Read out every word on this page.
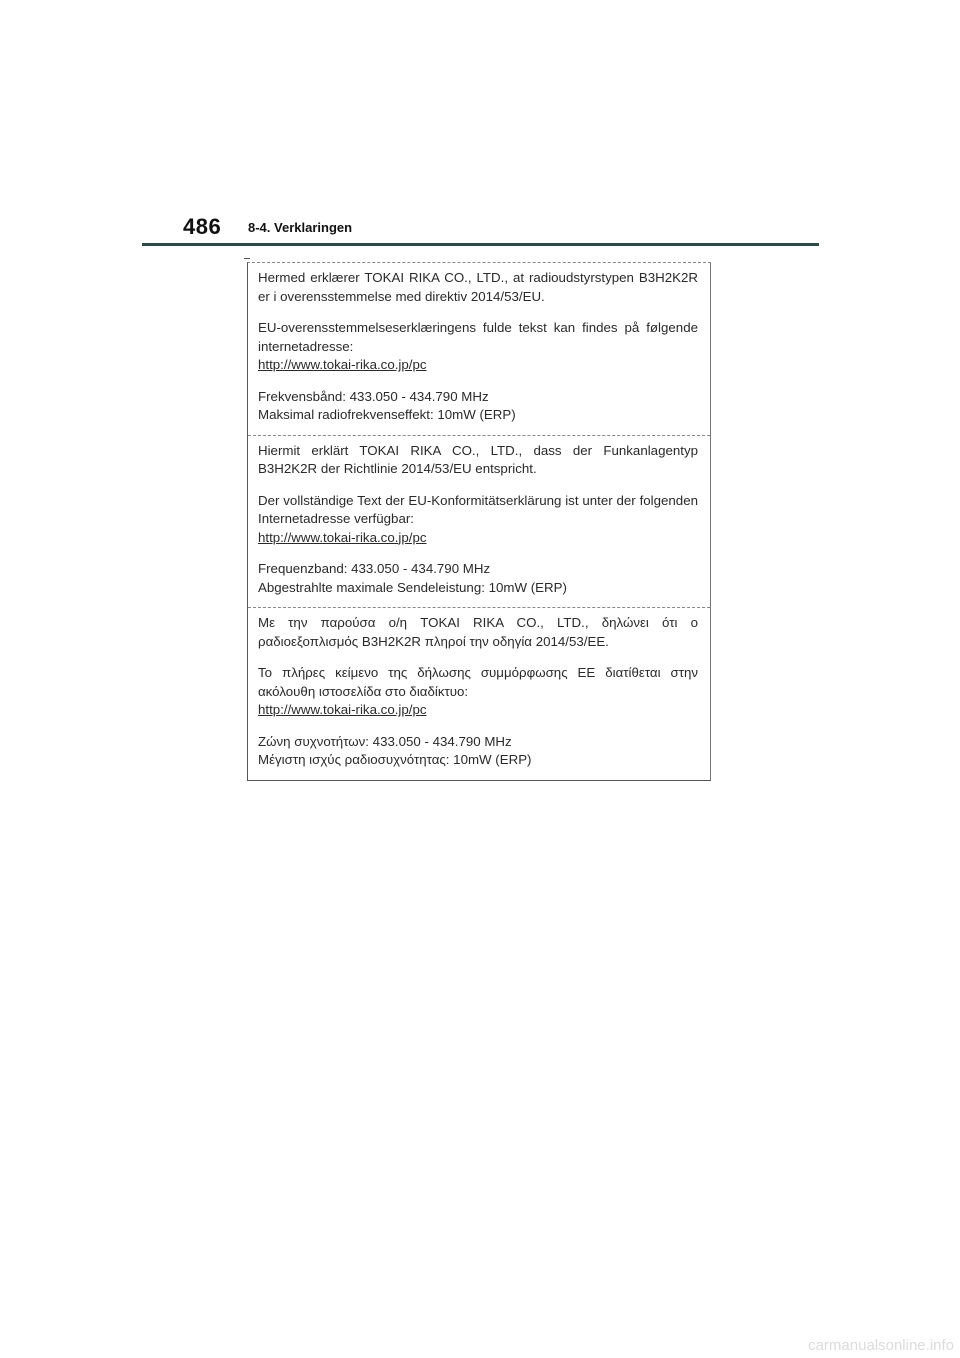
486 8-4. Verklaringen

Hermed erklærer TOKAI RIKA CO., LTD., at radioudstyrstypen B3H2K2R er i overensstemmelse med direktiv 2014/53/EU.

EU-overensstemmelseserklæringens fulde tekst kan findes på følgende internetadresse:

http://www.tokai-rika.co.jp/pc

Frekvensbånd: 433.050 - 434.790 MHz

Maksimal radiofrekvenseffekt: 10mW (ERP)

Hiermit erklärt TOKAI RIKA CO., LTD., dass der Funkanlagentyp B3H2K2R der Richtlinie 2014/53/EU entspricht.

Der vollständige Text der EU-Konformitätserklärung ist unter der folgenden Internetadresse verfügbar:

http://www.tokai-rika.co.jp/pc

Frequenzband: 433.050 - 434.790 MHz

Abgestrahlte maximale Sendeleistung: 10mW (ERP)

Με την παρούσα ο/η TOKAI RIKA CO., LTD., δηλώνει ότι ο ραδιοεξοπλισμός B3H2K2R πληροί την οδηγία 2014/53/ΕΕ.

Το πλήρες κείμενο της δήλωσης συμμόρφωσης ΕΕ διατίθεται στην ακόλουθη ιστοσελίδα στο διαδίκτυο:

http://www.tokai-rika.co.jp/pc

Ζώνη συχνοτήτων: 433.050 - 434.790 MHz

Μέγιστη ισχύς ραδιοσυχνότητας: 10mW (ERP)

carmanualsonline.info
